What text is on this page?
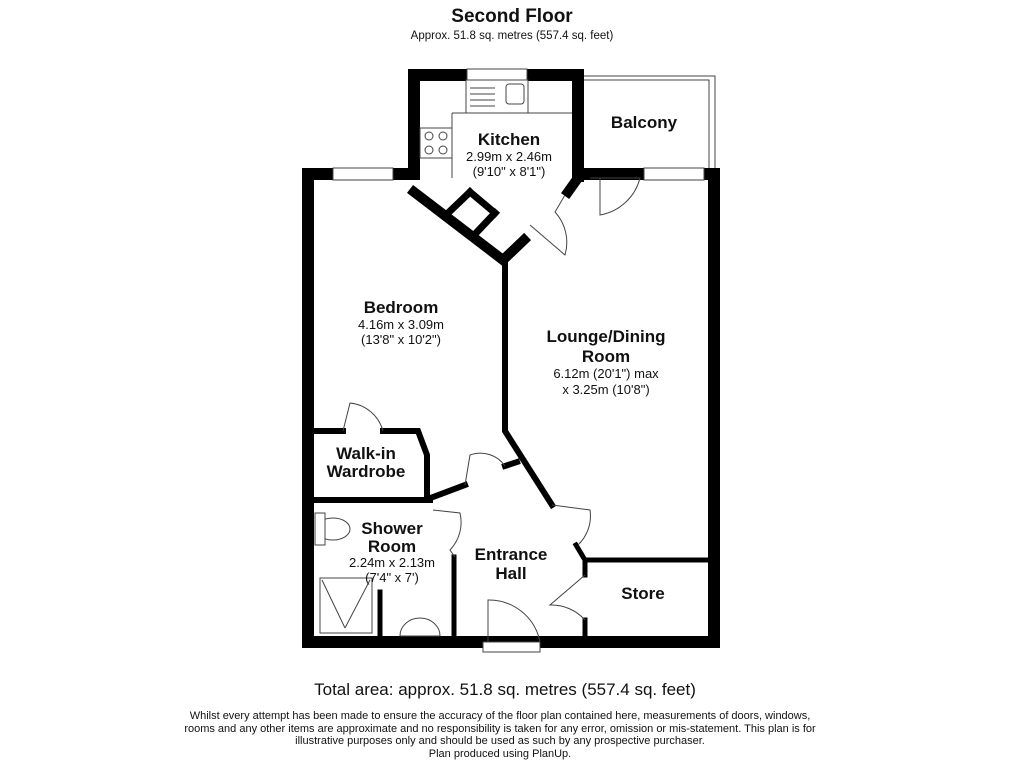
Second Floor
Approx. 51.8 sq. metres (557.4 sq. feet)
Kitchen
2.99m x 2.46m
(9'10" x 8'1")
Balcony
Bedroom
4.16m x 3.09m
(13'8" x 10'2")	Lounge/Dining
Room
6.12m (20'1") max
x 3.25m (10'8")
Walk-in
Wardrobe
Shower
Room
2.24m x 2.13m
(7'4" x 7')
Entrance
Hall
Store
Total area: approx. 51.8 sq. metres (557.4 sq. feet)
Whilst every attempt has been made to ensure the accuracy of the floor plan contained here, measurements of doors, windows,
rooms and any other items are approximate and no responsibility is taken for any error, omission or mis-statement. This plan is for
illustrative purposes only and should be used as such by any prospective purchaser.
Plan produced using PlanUp.
